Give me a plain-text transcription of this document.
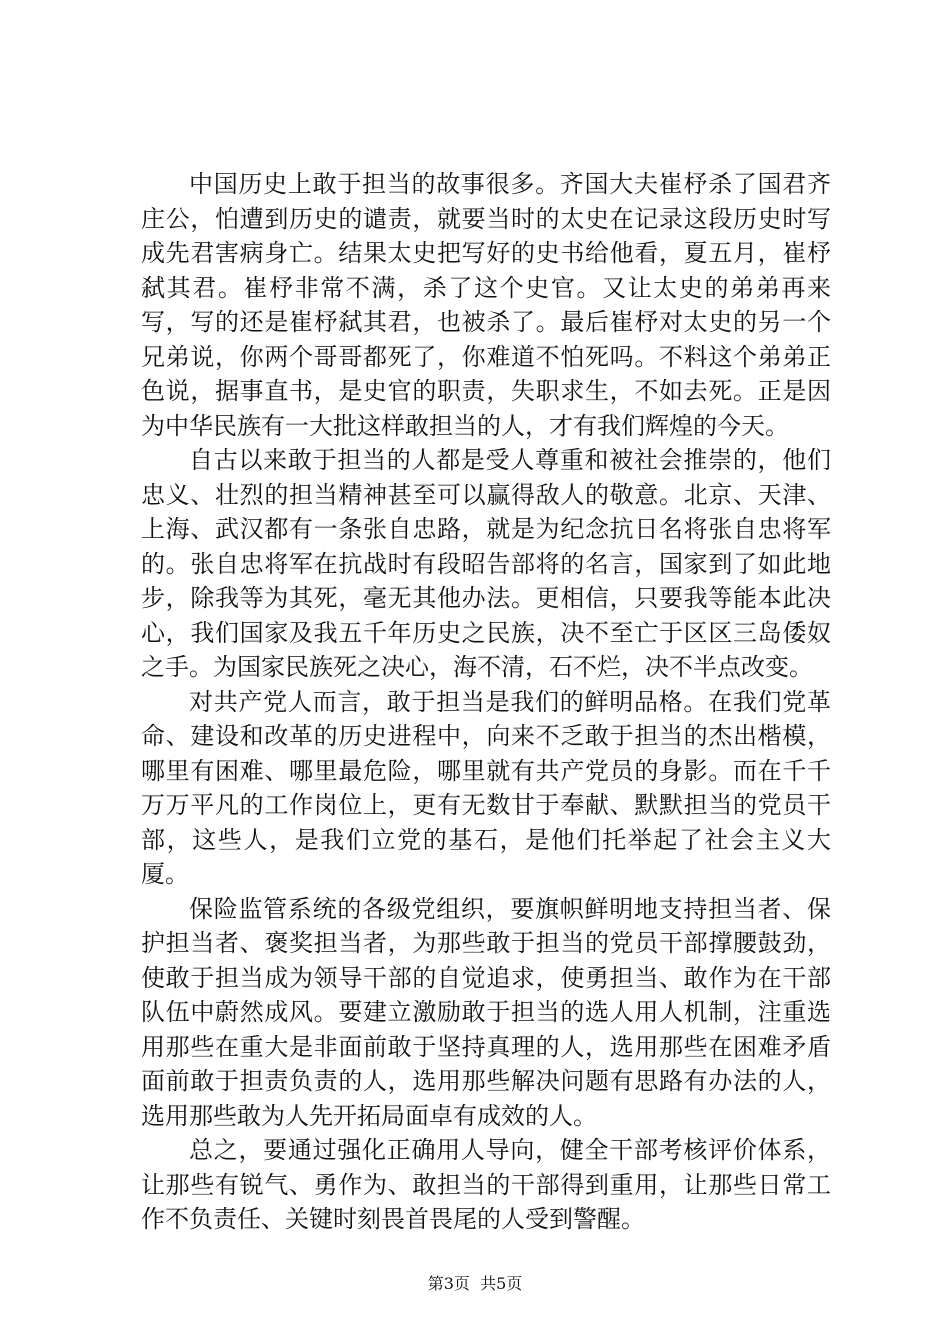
中国历史上敢于担当的故事很多。齐国大夫崔杼杀了国君齐庄公，怕遭到历史的谴责，就要当时的太史在记录这段历史时写成先君害病身亡。结果太史把写好的史书给他看，夏五月，崔杼弑其君。崔杼非常不满，杀了这个史官。又让太史的弟弟再来写，写的还是崔杼弑其君，也被杀了。最后崔杼对太史的另一个兄弟说，你两个哥哥都死了，你难道不怕死吗。不料这个弟弟正色说，据事直书，是史官的职责，失职求生，不如去死。正是因为中华民族有一大批这样敢担当的人，才有我们辉煌的今天。

自古以来敢于担当的人都是受人尊重和被社会推崇的，他们忠义、壮烈的担当精神甚至可以赢得敌人的敬意。北京、天津、上海、武汉都有一条张自忠路，就是为纪念抗日名将张自忠将军的。张自忠将军在抗战时有段昭告部将的名言，国家到了如此地步，除我等为其死，毫无其他办法。更相信，只要我等能本此决心，我们国家及我五千年历史之民族，决不至亡于区区三岛倭奴之手。为国家民族死之决心，海不清，石不烂，决不半点改变。

对共产党人而言，敢于担当是我们的鲜明品格。在我们党革命、建设和改革的历史进程中，向来不乏敢于担当的杰出楷模，哪里有困难、哪里最危险，哪里就有共产党员的身影。而在千千万万平凡的工作岗位上，更有无数甘于奉献、默默担当的党员干部，这些人，是我们立党的基石，是他们托举起了社会主义大厦。

保险监管系统的各级党组织，要旗帜鲜明地支持担当者、保护担当者、褒奖担当者，为那些敢于担当的党员干部撑腰鼓劲，使敢于担当成为领导干部的自觉追求，使勇担当、敢作为在干部队伍中蔚然成风。要建立激励敢于担当的选人用人机制，注重选用那些在重大是非面前敢于坚持真理的人，选用那些在困难矛盾面前敢于担责负责的人，选用那些解决问题有思路有办法的人，选用那些敢为人先开拓局面卓有成效的人。

总之，要通过强化正确用人导向，健全干部考核评价体系，让那些有锐气、勇作为、敢担当的干部得到重用，让那些日常工作不负责任、关键时刻畏首畏尾的人受到警醒。

第3页  共5页
